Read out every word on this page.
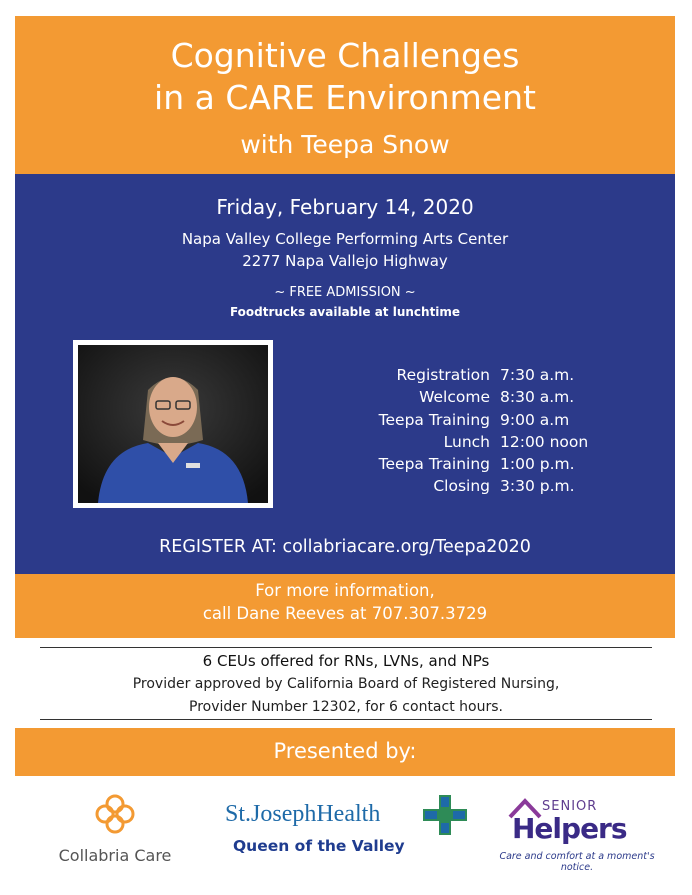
Cognitive Challenges
in a CARE Environment
with Teepa Snow
Friday, February 14, 2020
Napa Valley College Performing Arts Center
2277 Napa Vallejo Highway
~ FREE ADMISSION ~
Foodtrucks available at lunchtime
Registration 7:30 a.m.
Welcome 8:30 a.m.
Teepa Training 9:00 a.m
Lunch 12:00 noon
Teepa Training 1:00 p.m.
Closing 3:30 p.m.
REGISTER AT: collabriacare.org/Teepa2020
For more information,
call Dane Reeves at 707.307.3729
6 CEUs offered for RNs, LVNs, and NPs
Provider approved by California Board of Registered Nursing,
Provider Number 12302, for 6 contact hours.
Presented by:
Collabria Care
St.JosephHealth
Queen of the Valley
SENIOR
Helpers
Care and comfort at a moment's notice.
